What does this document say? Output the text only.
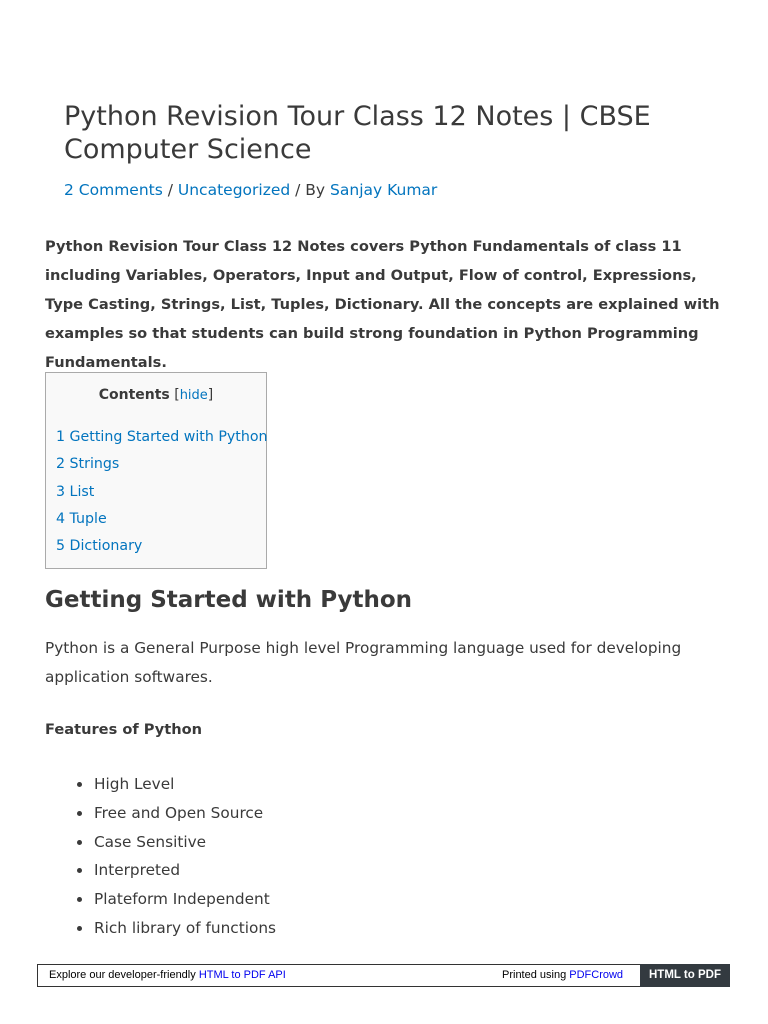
Python Revision Tour Class 12 Notes | CBSE Computer Science
2 Comments / Uncategorized / By Sanjay Kumar

Python Revision Tour Class 12 Notes covers Python Fundamentals of class 11 including Variables, Operators, Input and Output, Flow of control, Expressions, Type Casting, Strings, List, Tuples, Dictionary. All the concepts are explained with examples so that students can build strong foundation in Python Programming Fundamentals.

Contents [hide]
1 Getting Started with Python
2 Strings
3 List
4 Tuple
5 Dictionary
Getting Started with Python

Python is a General Purpose high level Programming language used for developing application softwares.

Features of Python

High Level
Free and Open Source
Case Sensitive
Interpreted
Plateform Independent
Rich library of functions
Explore our developer-friendly HTML to PDF API	Printed using PDFCrowd	HTML to PDF
